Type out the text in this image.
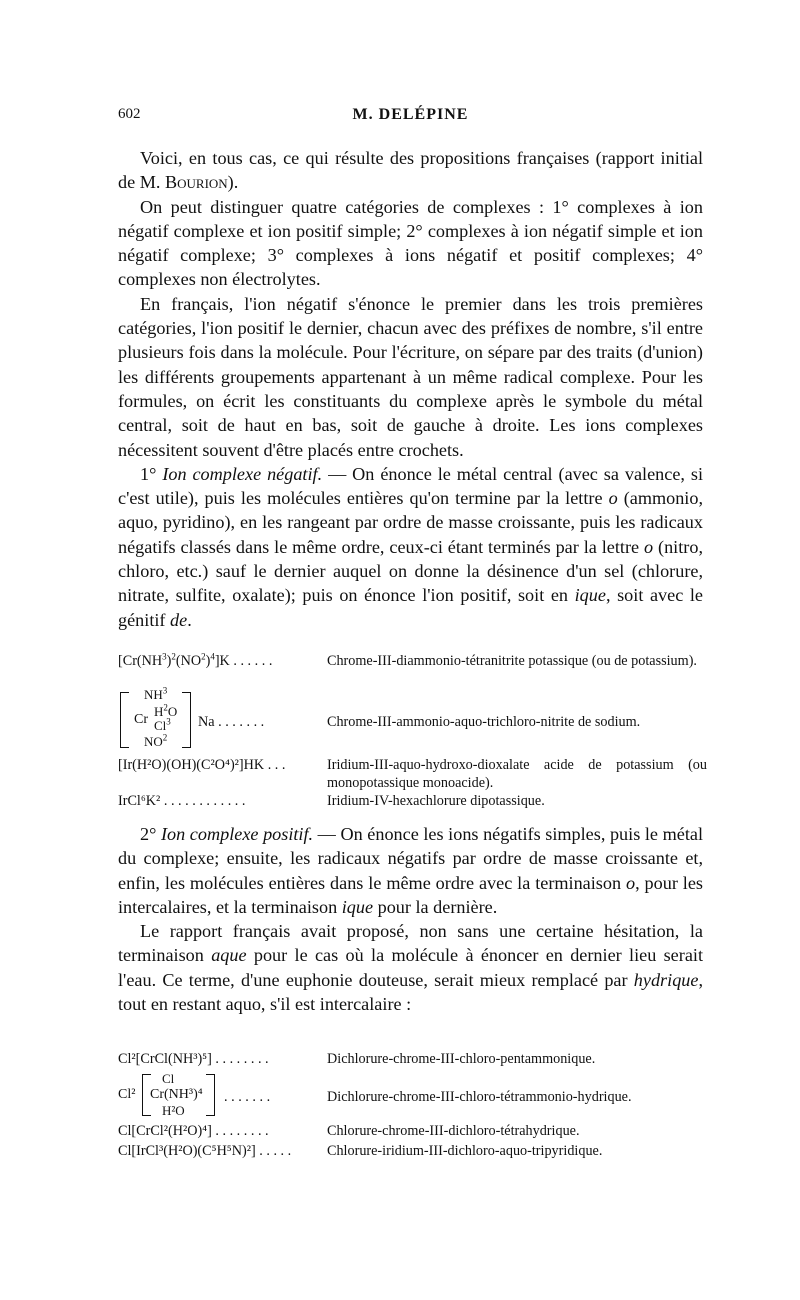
602	M. DELÉPINE

Voici, en tous cas, ce qui résulte des propositions françaises (rapport initial de M. Bourion).

On peut distinguer quatre catégories de complexes : 1° complexes à ion négatif complexe et ion positif simple; 2° complexes à ion négatif simple et ion négatif complexe; 3° complexes à ions négatif et positif complexes; 4° complexes non électrolytes.

En français, l'ion négatif s'énonce le premier dans les trois premières catégories, l'ion positif le dernier, chacun avec des préfixes de nombre, s'il entre plusieurs fois dans la molécule. Pour l'écriture, on sépare par des traits (d'union) les différents groupements appartenant à un même radical complexe. Pour les formules, on écrit les constituants du complexe après le symbole du métal central, soit de haut en bas, soit de gauche à droite. Les ions complexes nécessitent souvent d'être placés entre crochets.

1° Ion complexe négatif. — On énonce le métal central (avec sa valence, si c'est utile), puis les molécules entières qu'on termine par la lettre o (ammonio, aquo, pyridino), en les rangeant par ordre de masse croissante, puis les radicaux négatifs classés dans le même ordre, ceux-ci étant terminés par la lettre o (nitro, chloro, etc.) sauf le dernier auquel on donne la désinence d'un sel (chlorure, nitrate, sulfite, oxalate); puis on énonce l'ion positif, soit en ique, soit avec le génitif de.

$[Cr(NH^3)^2(NO^2)^4]K$ . . . . . .	Chrome-III-diammonio-tétranitrite potassique (ou de potassium).
$NH^3$
Cr
$H^2O$
Cl$^3$
$NO^2$
Na . . . . . . .	Chrome-III-ammonio-aquo-trichloro-nitrite de sodium.
[Ir(H²O)(OH)(C²O⁴)²]HK . . .	Iridium-III-aquo-hydroxo-dioxalate acide de potassium (ou monopotassique monoacide).
IrCl⁶K² . . . . . . . . . . . .	Iridium-IV-hexachlorure dipotassique.

2° Ion complexe positif. — On énonce les ions négatifs simples, puis le métal du complexe; ensuite, les radicaux négatifs par ordre de masse croissante et, enfin, les molécules entières dans le même ordre avec la terminaison o, pour les intercalaires, et la terminaison ique pour la dernière.

Le rapport français avait proposé, non sans une certaine hésitation, la terminaison aque pour le cas où la molécule à énoncer en dernier lieu serait l'eau. Ce terme, d'une euphonie douteuse, serait mieux remplacé par hydrique, tout en restant aquo, s'il est intercalaire :

Cl²[CrCl(NH³)⁵] . . . . . . . .	Dichlorure-chrome-III-chloro-pentammonique.
Cl²
Cl
Cr(NH³)⁴
H²O
. . . . . . .	Dichlorure-chrome-III-chloro-tétrammonio-hydrique.
Cl[CrCl²(H²O)⁴] . . . . . . . .	Chlorure-chrome-III-dichloro-tétrahydrique.
Cl[IrCl³(H²O)(C⁵H⁵N)²] . . . . .	Chlorure-iridium-III-dichloro-aquo-tripyridique.
